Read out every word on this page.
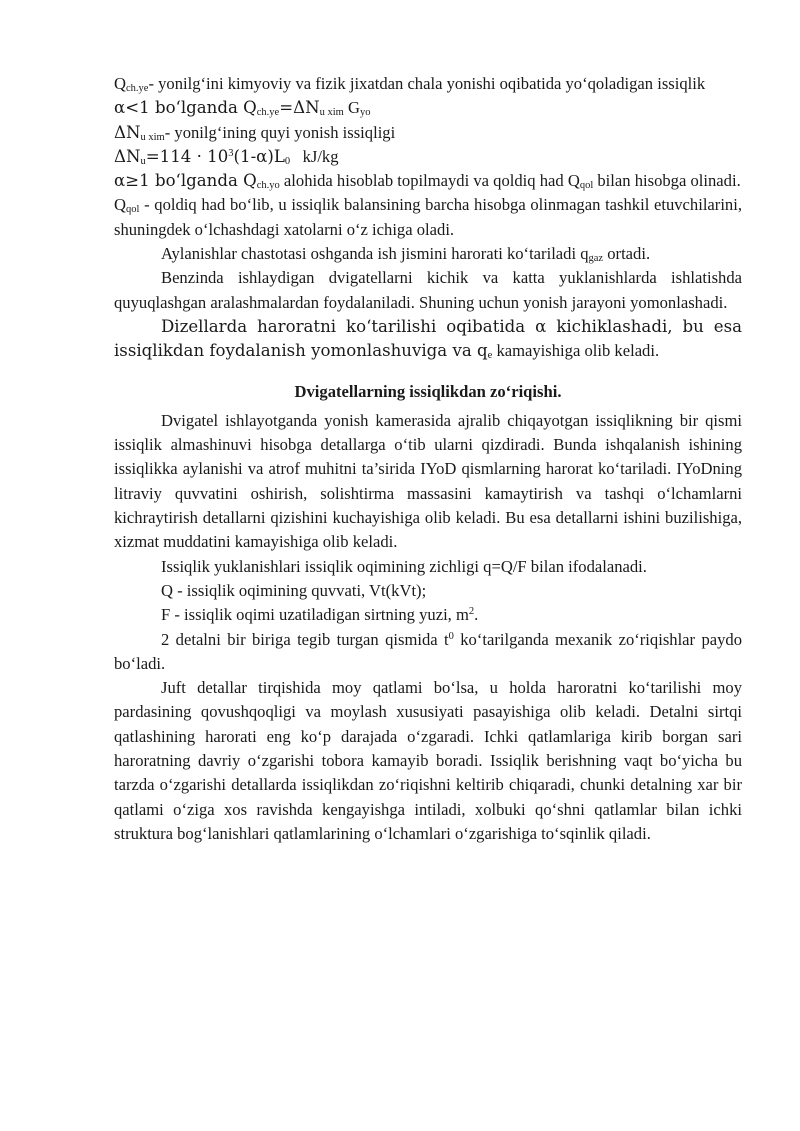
$Q_{ch.ye}-$ yonilg‘ini kimyoviy va fizik jixatdan chala yonishi oqibatida yo‘qoladigan issiqlik

α<1 bo‘lganda $Q_{ch.ye}=\Delta N_{u xim}$ $G_{yo}$

$\Delta N_{u xim}-$ yonilg‘ining quyi yonish issiqligi

$\Delta N_u=114 \cdot 10^3(1-\alpha)L_0$   kJ/kg

α≥1 bo‘lganda $Q_{ch.yo}$ alohida hisoblab topilmaydi va qoldiq had $Q_{qol}$ bilan hisobga olinadi.

$Q_{qol}$ - qoldiq had bo‘lib, u issiqlik balansining barcha hisobga olinmagan tashkil etuvchilarini, shuningdek o‘lchashdagi xatolarni o‘z ichiga oladi.

Aylanishlar chastotasi oshganda ish jismini harorati ko‘tariladi $q_{gaz}$ ortadi.

Benzinda ishlaydigan dvigatellarni kichik va katta yuklanishlarda ishlatishda quyuqlashgan aralashmalardan foydalaniladi. Shuning uchun yonish jarayoni yomonlashadi.

Dizellarda haroratni ko‘tarilishi oqibatida α kichiklashadi, bu esa issiqlikdan foydalanish yomonlashuviga va $q_e$ kamayishiga olib keladi.

Dvigatellarning issiqlikdan zo‘riqishi.

Dvigatel ishlayotganda yonish kamerasida ajralib chiqayotgan issiqlikning bir qismi issiqlik almashinuvi hisobga detallarga o‘tib ularni qizdiradi. Bunda ishqalanish ishining issiqlikka aylanishi va atrof muhitni ta’sirida IYoD qismlarning harorat ko‘tariladi. IYoDning litraviy quvvatini oshirish, solishtirma massasini kamaytirish va tashqi o‘lchamlarni kichraytirish detallarni qizishini kuchayishiga olib keladi. Bu esa detallarni ishini buzilishiga, xizmat muddatini kamayishiga olib keladi.

Issiqlik yuklanishlari issiqlik oqimining zichligi q=Q/F bilan ifodalanadi.

Q - issiqlik oqimining quvvati, Vt(kVt);

F - issiqlik oqimi uzatiladigan sirtning yuzi, $m^2$.

2 detalni bir biriga tegib turgan qismida $t^0$ ko‘tarilganda mexanik zo‘riqishlar paydo bo‘ladi.

Juft detallar tirqishida moy qatlami bo‘lsa, u holda haroratni ko‘tarilishi moy pardasining qovushqoqligi va moylash xususiyati pasayishiga olib keladi. Detalni sirtqi qatlashining harorati eng ko‘p darajada o‘zgaradi. Ichki qatlamlariga kirib borgan sari haroratning davriy o‘zgarishi tobora kamayib boradi. Issiqlik berishning vaqt bo‘yicha bu tarzda o‘zgarishi detallarda issiqlikdan zo‘riqishni keltirib chiqaradi, chunki detalning xar bir qatlami o‘ziga xos ravishda kengayishga intiladi, xolbuki qo‘shni qatlamlar bilan ichki struktura bog‘lanishlari qatlamlarining o‘lchamlari o‘zgarishiga to‘sqinlik qiladi.
